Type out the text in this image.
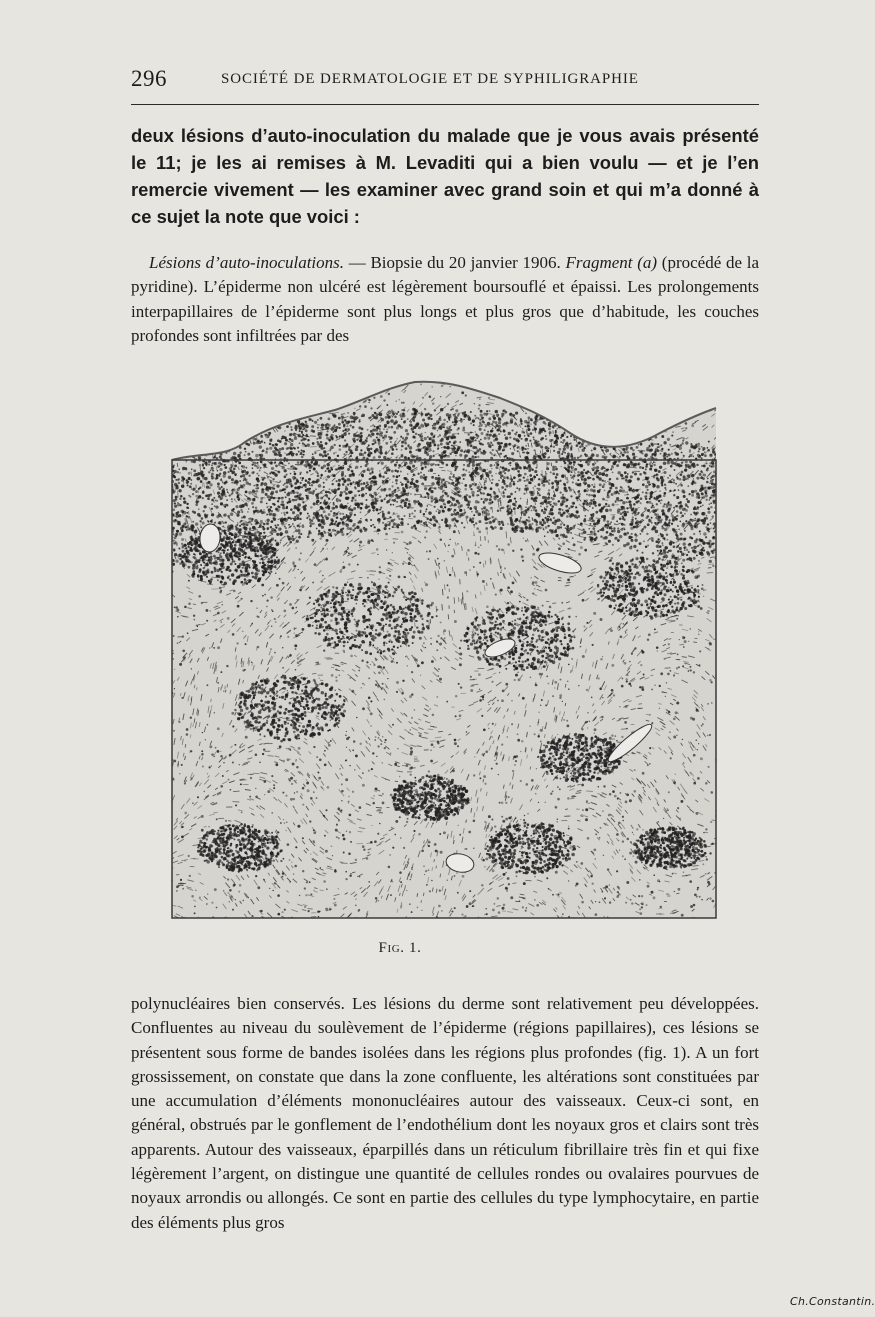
296	SOCIÉTÉ DE DERMATOLOGIE ET DE SYPHILIGRAPHIE

deux lésions d’auto-inoculation du malade que je vous avais présenté le 11; je les ai remises à M. Levaditi qui a bien voulu — et je l’en remercie vivement — les examiner avec grand soin et qui m’a donné à ce sujet la note que voici :

Lésions d’auto-inoculations. — Biopsie du 20 janvier 1906. Fragment (a) (procédé de la pyridine). L’épiderme non ulcéré est légèrement boursouflé et épaissi. Les prolongements interpapillaires de l’épiderme sont plus longs et plus gros que d’habitude, les couches profondes sont infiltrées par des

Ch.Constantin.
Fig. 1.

polynucléaires bien conservés. Les lésions du derme sont relativement peu développées. Confluentes au niveau du soulèvement de l’épiderme (régions papillaires), ces lésions se présentent sous forme de bandes isolées dans les régions plus profondes (fig. 1). A un fort grossissement, on constate que dans la zone confluente, les altérations sont constituées par une accumulation d’éléments mononucléaires autour des vaisseaux. Ceux-ci sont, en général, obstrués par le gonflement de l’endothélium dont les noyaux gros et clairs sont très apparents. Autour des vaisseaux, éparpillés dans un réticulum fibrillaire très fin et qui fixe légèrement l’argent, on distingue une quantité de cellules rondes ou ovalaires pourvues de noyaux arrondis ou allongés. Ce sont en partie des cellules du type lymphocytaire, en partie des éléments plus gros
